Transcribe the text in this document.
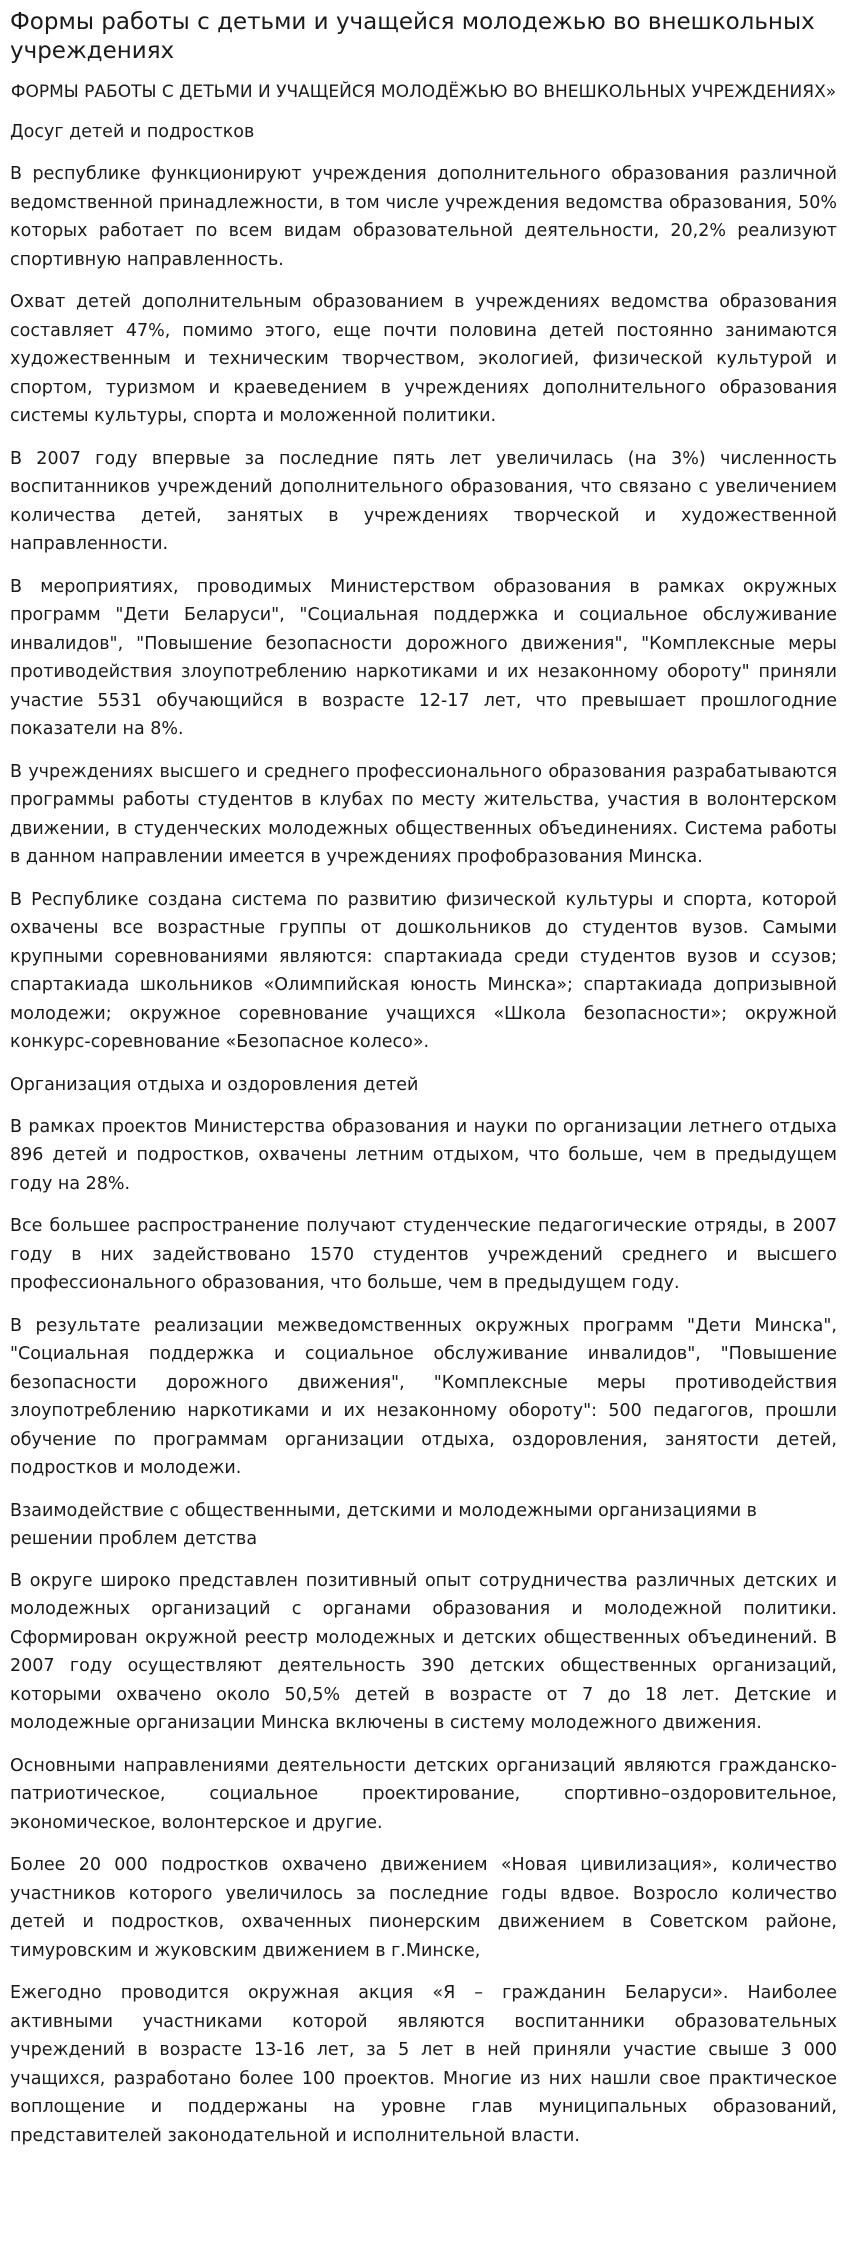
Формы работы с детьми и учащейся молодежью во внешкольных учреждениях
ФОРМЫ РАБОТЫ С ДЕТЬМИ И УЧАЩЕЙСЯ МОЛОДЁЖЬЮ ВО ВНЕШКОЛЬНЫХ УЧРЕЖДЕНИЯХ»
Досуг детей и подростков

В республике функционируют учреждения дополнительного образования различной ведомственной принадлежности, в том числе учреждения ведомства образования, 50% которых работает по всем видам образовательной деятельности, 20,2% реализуют спортивную направленность.

Охват детей дополнительным образованием в учреждениях ведомства образования составляет 47%, помимо этого, еще почти половина детей постоянно занимаются художественным и техническим творчеством, экологией, физической культурой и спортом, туризмом и краеведением в учреждениях дополнительного образования системы культуры, спорта и моложенной политики.

В 2007 году впервые за последние пять лет увеличилась (на 3%) численность воспитанников учреждений дополнительного образования, что связано с увеличением количества детей, занятых в учреждениях творческой и художественной направленности.

В мероприятиях, проводимых Министерством образования в рамках окружных программ "Дети Беларуси", "Социальная поддержка и социальное обслуживание инвалидов", "Повышение безопасности дорожного движения", "Комплексные меры противодействия злоупотреблению наркотиками и их незаконному обороту" приняли участие 5531 обучающийся в возрасте 12-17 лет, что превышает прошлогодние показатели на 8%.

В учреждениях высшего и среднего профессионального образования разрабатываются программы работы студентов в клубах по месту жительства, участия в волонтерском движении, в студенческих молодежных общественных объединениях. Система работы в данном направлении имеется в учреждениях профобразования Минска.

В Республике создана система по развитию физической культуры и спорта, которой охвачены все возрастные группы от дошкольников до студентов вузов. Самыми крупными соревнованиями являются: спартакиада среди студентов вузов и ссузов; спартакиада школьников «Олимпийская юность Минска»; спартакиада допризывной молодежи; окружное соревнование учащихся «Школа безопасности»; окружной конкурс-соревнование «Безопасное колесо».

Организация отдыха и оздоровления детей

В рамках проектов Министерства образования и науки по организации летнего отдыха 896 детей и подростков, охвачены летним отдыхом, что больше, чем в предыдущем году на 28%.

Все большее распространение получают студенческие педагогические отряды, в 2007 году в них задействовано 1570 студентов учреждений среднего и высшего профессионального образования, что больше, чем в предыдущем году.

В результате реализации межведомственных окружных программ "Дети Минска", "Социальная поддержка и социальное обслуживание инвалидов", "Повышение безопасности дорожного движения", "Комплексные меры противодействия злоупотреблению наркотиками и их незаконному обороту": 500 педагогов, прошли обучение по программам организации отдыха, оздоровления, занятости детей, подростков и молодежи.

Взаимодействие с общественными, детскими и молодежными организациями в решении проблем детства

В округе широко представлен позитивный опыт сотрудничества различных детских и молодежных организаций с органами образования и молодежной политики. Сформирован окружной реестр молодежных и детских общественных объединений. В 2007 году осуществляют деятельность 390 детских общественных организаций, которыми охвачено около 50,5% детей в возрасте от 7 до 18 лет. Детские и молодежные организации Минска включены в систему молодежного движения.

Основными направлениями деятельности детских организаций являются гражданско-патриотическое, социальное проектирование, спортивно–оздоровительное, экономическое, волонтерское и другие.

Более 20 000 подростков охвачено движением «Новая цивилизация», количество участников которого увеличилось за последние годы вдвое. Возросло количество детей и подростков, охваченных пионерским движением в Советском районе, тимуровским и жуковским движением в г.Минске,

Ежегодно проводится окружная акция «Я – гражданин Беларуси». Наиболее активными участниками которой являются воспитанники образовательных учреждений в возрасте 13-16 лет, за 5 лет в ней приняли участие свыше 3 000 учащихся, разработано более 100 проектов. Многие из них нашли свое практическое воплощение и поддержаны на уровне глав муниципальных образований, представителей законодательной и исполнительной власти.
